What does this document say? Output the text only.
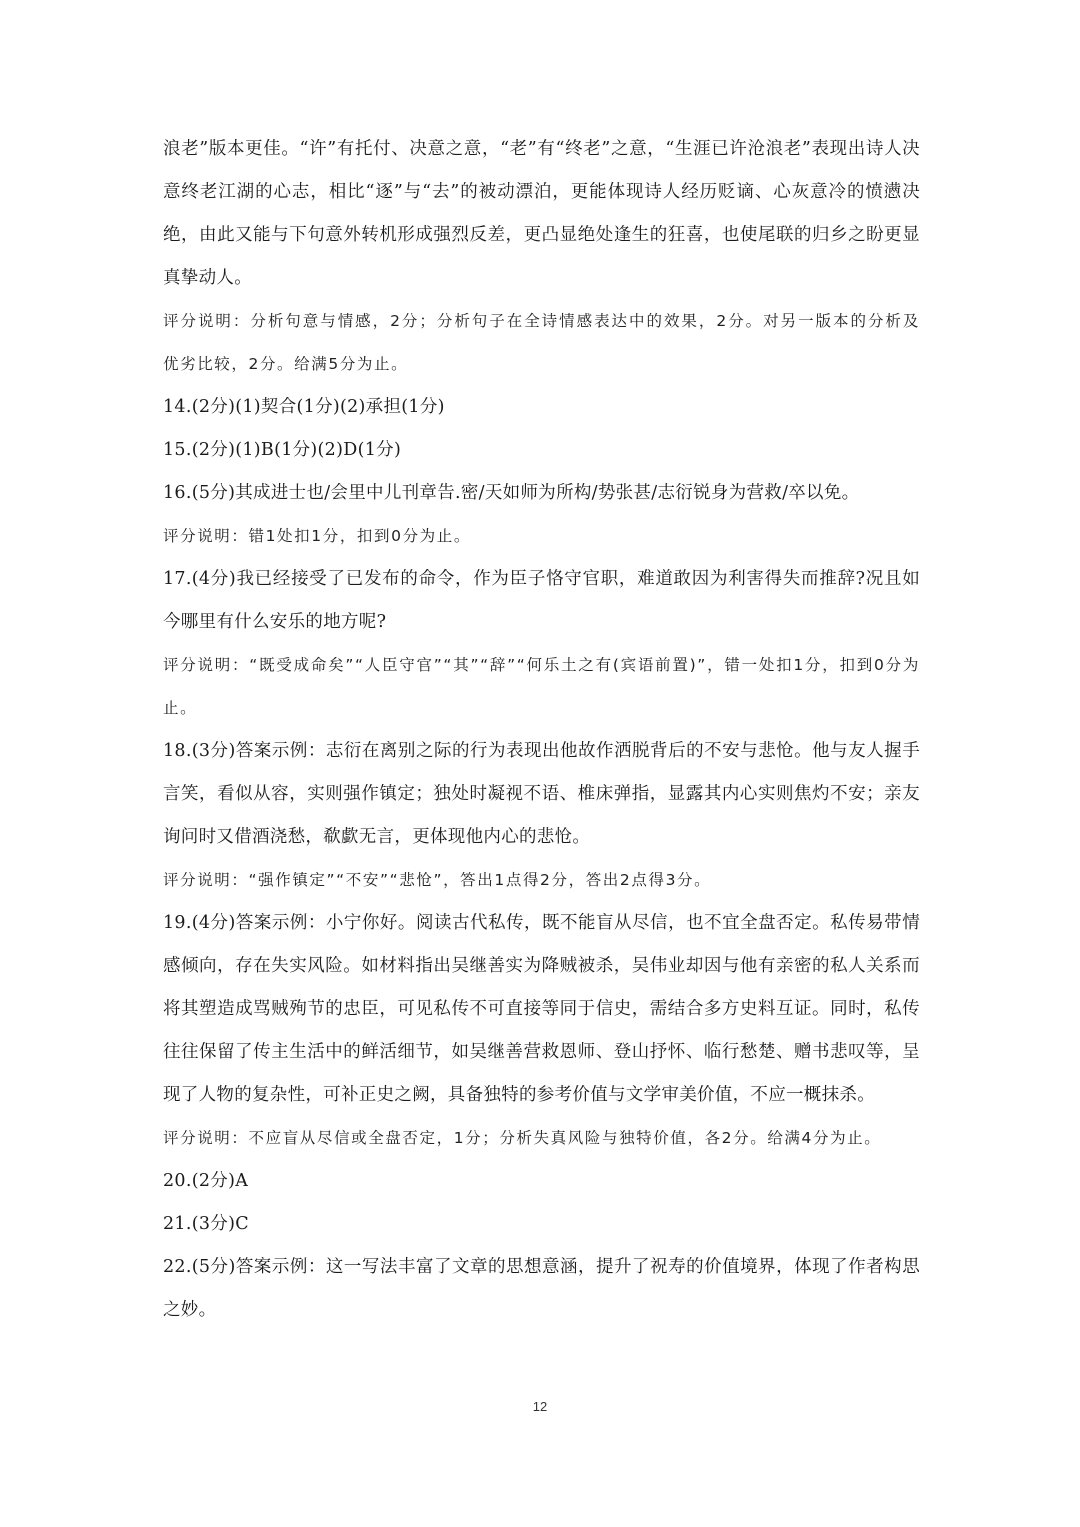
浪老”版本更佳。“许”有托付、决意之意，“老”有“终老”之意，“生涯已许沧浪老”表现出诗人决意终老江湖的心志，相比“逐”与“去”的被动漂泊，更能体现诗人经历贬谪、心灰意冷的愤懑决绝，由此又能与下句意外转机形成强烈反差，更凸显绝处逢生的狂喜，也使尾联的归乡之盼更显真挚动人。

评分说明：分析句意与情感，2分；分析句子在全诗情感表达中的效果，2分。对另一版本的分析及优劣比较，2分。给满5分为止。

14.(2分)(1)契合(1分)(2)承担(1分)

15.(2分)(1)B(1分)(2)D(1分)

16.(5分)其成进士也/会里中儿刊章告.密/天如师为所构/势张甚/志衍锐身为营救/卒以免。

评分说明：错1处扣1分，扣到0分为止。

17.(4分)我已经接受了已发布的命令，作为臣子恪守官职，难道敢因为利害得失而推辞?况且如今哪里有什么安乐的地方呢?

评分说明：“既受成命矣”“人臣守官”“其”“辞”“何乐土之有(宾语前置)”，错一处扣1分，扣到0分为止。

18.(3分)答案示例：志衍在离别之际的行为表现出他故作洒脱背后的不安与悲怆。他与友人握手言笑，看似从容，实则强作镇定；独处时凝视不语、椎床弹指，显露其内心实则焦灼不安；亲友询问时又借酒浇愁，欷歔无言，更体现他内心的悲怆。

评分说明：“强作镇定”“不安”“悲怆”，答出1点得2分，答出2点得3分。

19.(4分)答案示例：小宁你好。阅读古代私传，既不能盲从尽信，也不宜全盘否定。私传易带情感倾向，存在失实风险。如材料指出吴继善实为降贼被杀，吴伟业却因与他有亲密的私人关系而将其塑造成骂贼殉节的忠臣，可见私传不可直接等同于信史，需结合多方史料互证。同时，私传往往保留了传主生活中的鲜活细节，如吴继善营救恩师、登山抒怀、临行愁楚、赠书悲叹等，呈现了人物的复杂性，可补正史之阙，具备独特的参考价值与文学审美价值，不应一概抹杀。

评分说明：不应盲从尽信或全盘否定，1分；分析失真风险与独特价值，各2分。给满4分为止。

20.(2分)A

21.(3分)C

22.(5分)答案示例：这一写法丰富了文章的思想意涵，提升了祝寿的价值境界，体现了作者构思之妙。

12
